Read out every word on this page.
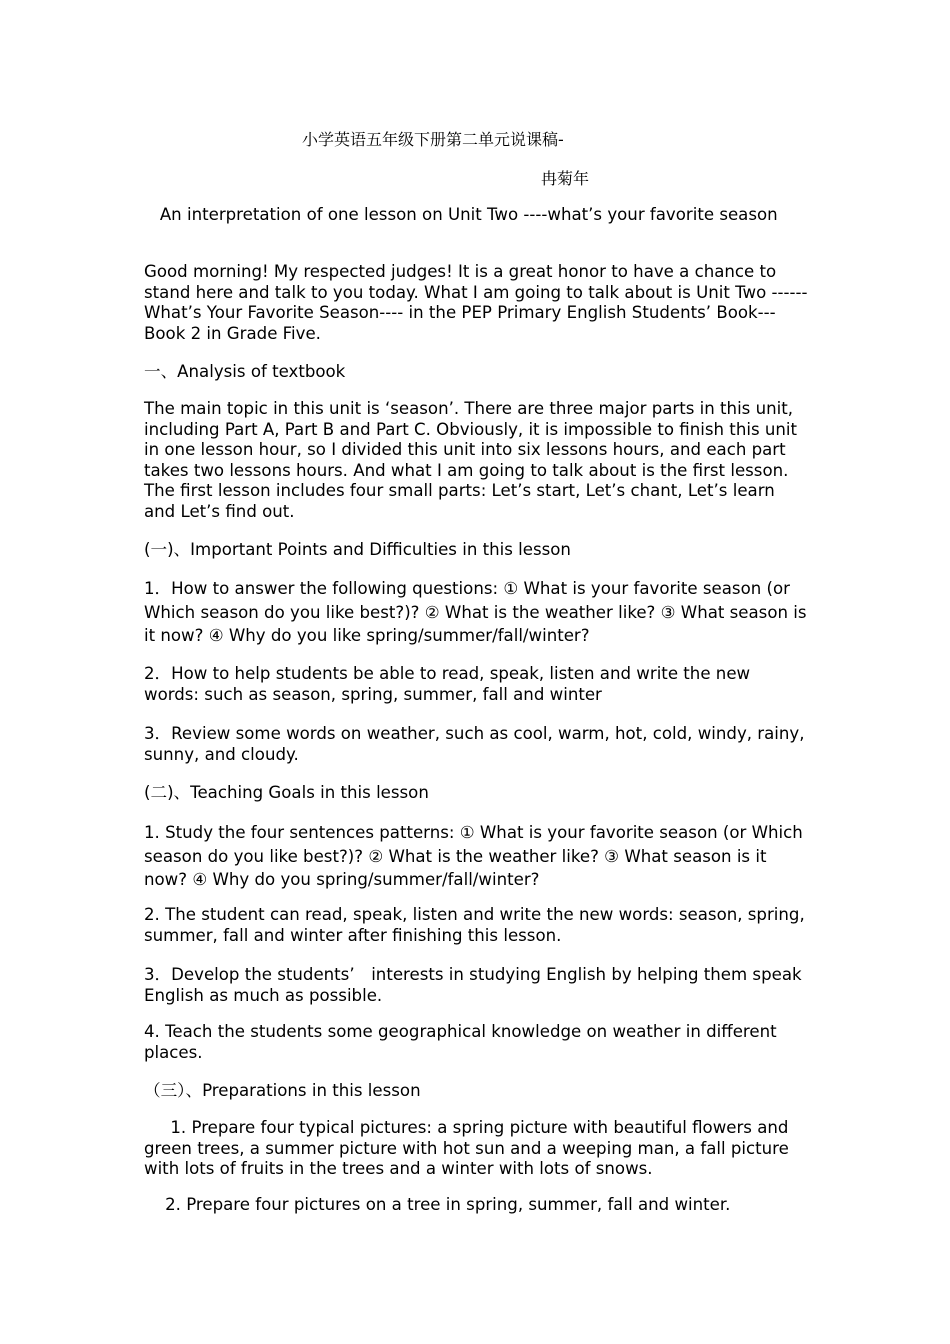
小学英语五年级下册第二单元说课稿-

冉菊年

An interpretation of one lesson on Unit Two ----what’s your favorite season

Good morning! My respected judges! It is a great honor to have a chance to stand here and talk to you today. What I am going to talk about is Unit Two ------What’s Your Favorite Season---- in the PEP Primary English Students’ Book---Book 2 in Grade Five.

一、Analysis of textbook

The main topic in this unit is ‘season’. There are three major parts in this unit, including Part A, Part B and Part C. Obviously, it is impossible to finish this unit in one lesson hour, so I divided this unit into six lessons hours, and each part takes two lessons hours. And what I am going to talk about is the first lesson. The first lesson includes four small parts: Let’s start, Let’s chant, Let’s learn and Let’s find out.

(一)、Important Points and Difficulties in this lesson

1．How to answer the following questions: ① What is your favorite season (or Which season do you like best?)? ② What is the weather like? ③ What season is it now? ④ Why do you like spring/summer/fall/winter?

2．How to help students be able to read, speak, listen and write the new words: such as season, spring, summer, fall and winter

3．Review some words on weather, such as cool, warm, hot, cold, windy, rainy, sunny, and cloudy.

(二)、Teaching Goals in this lesson

1. Study the four sentences patterns: ① What is your favorite season (or Which season do you like best?)? ② What is the weather like? ③ What season is it now? ④ Why do you spring/summer/fall/winter?

2. The student can read, speak, listen and write the new words: season, spring, summer, fall and winter after finishing this lesson.

3．Develop the students’　interests in studying English by helping them speak English as much as possible.

4. Teach the students some geographical knowledge on weather in different places.

（三）、Preparations in this lesson

1. Prepare four typical pictures: a spring picture with beautiful flowers and green trees, a summer picture with hot sun and a weeping man, a fall picture with lots of fruits in the trees and a winter with lots of snows.

2. Prepare four pictures on a tree in spring, summer, fall and winter.
